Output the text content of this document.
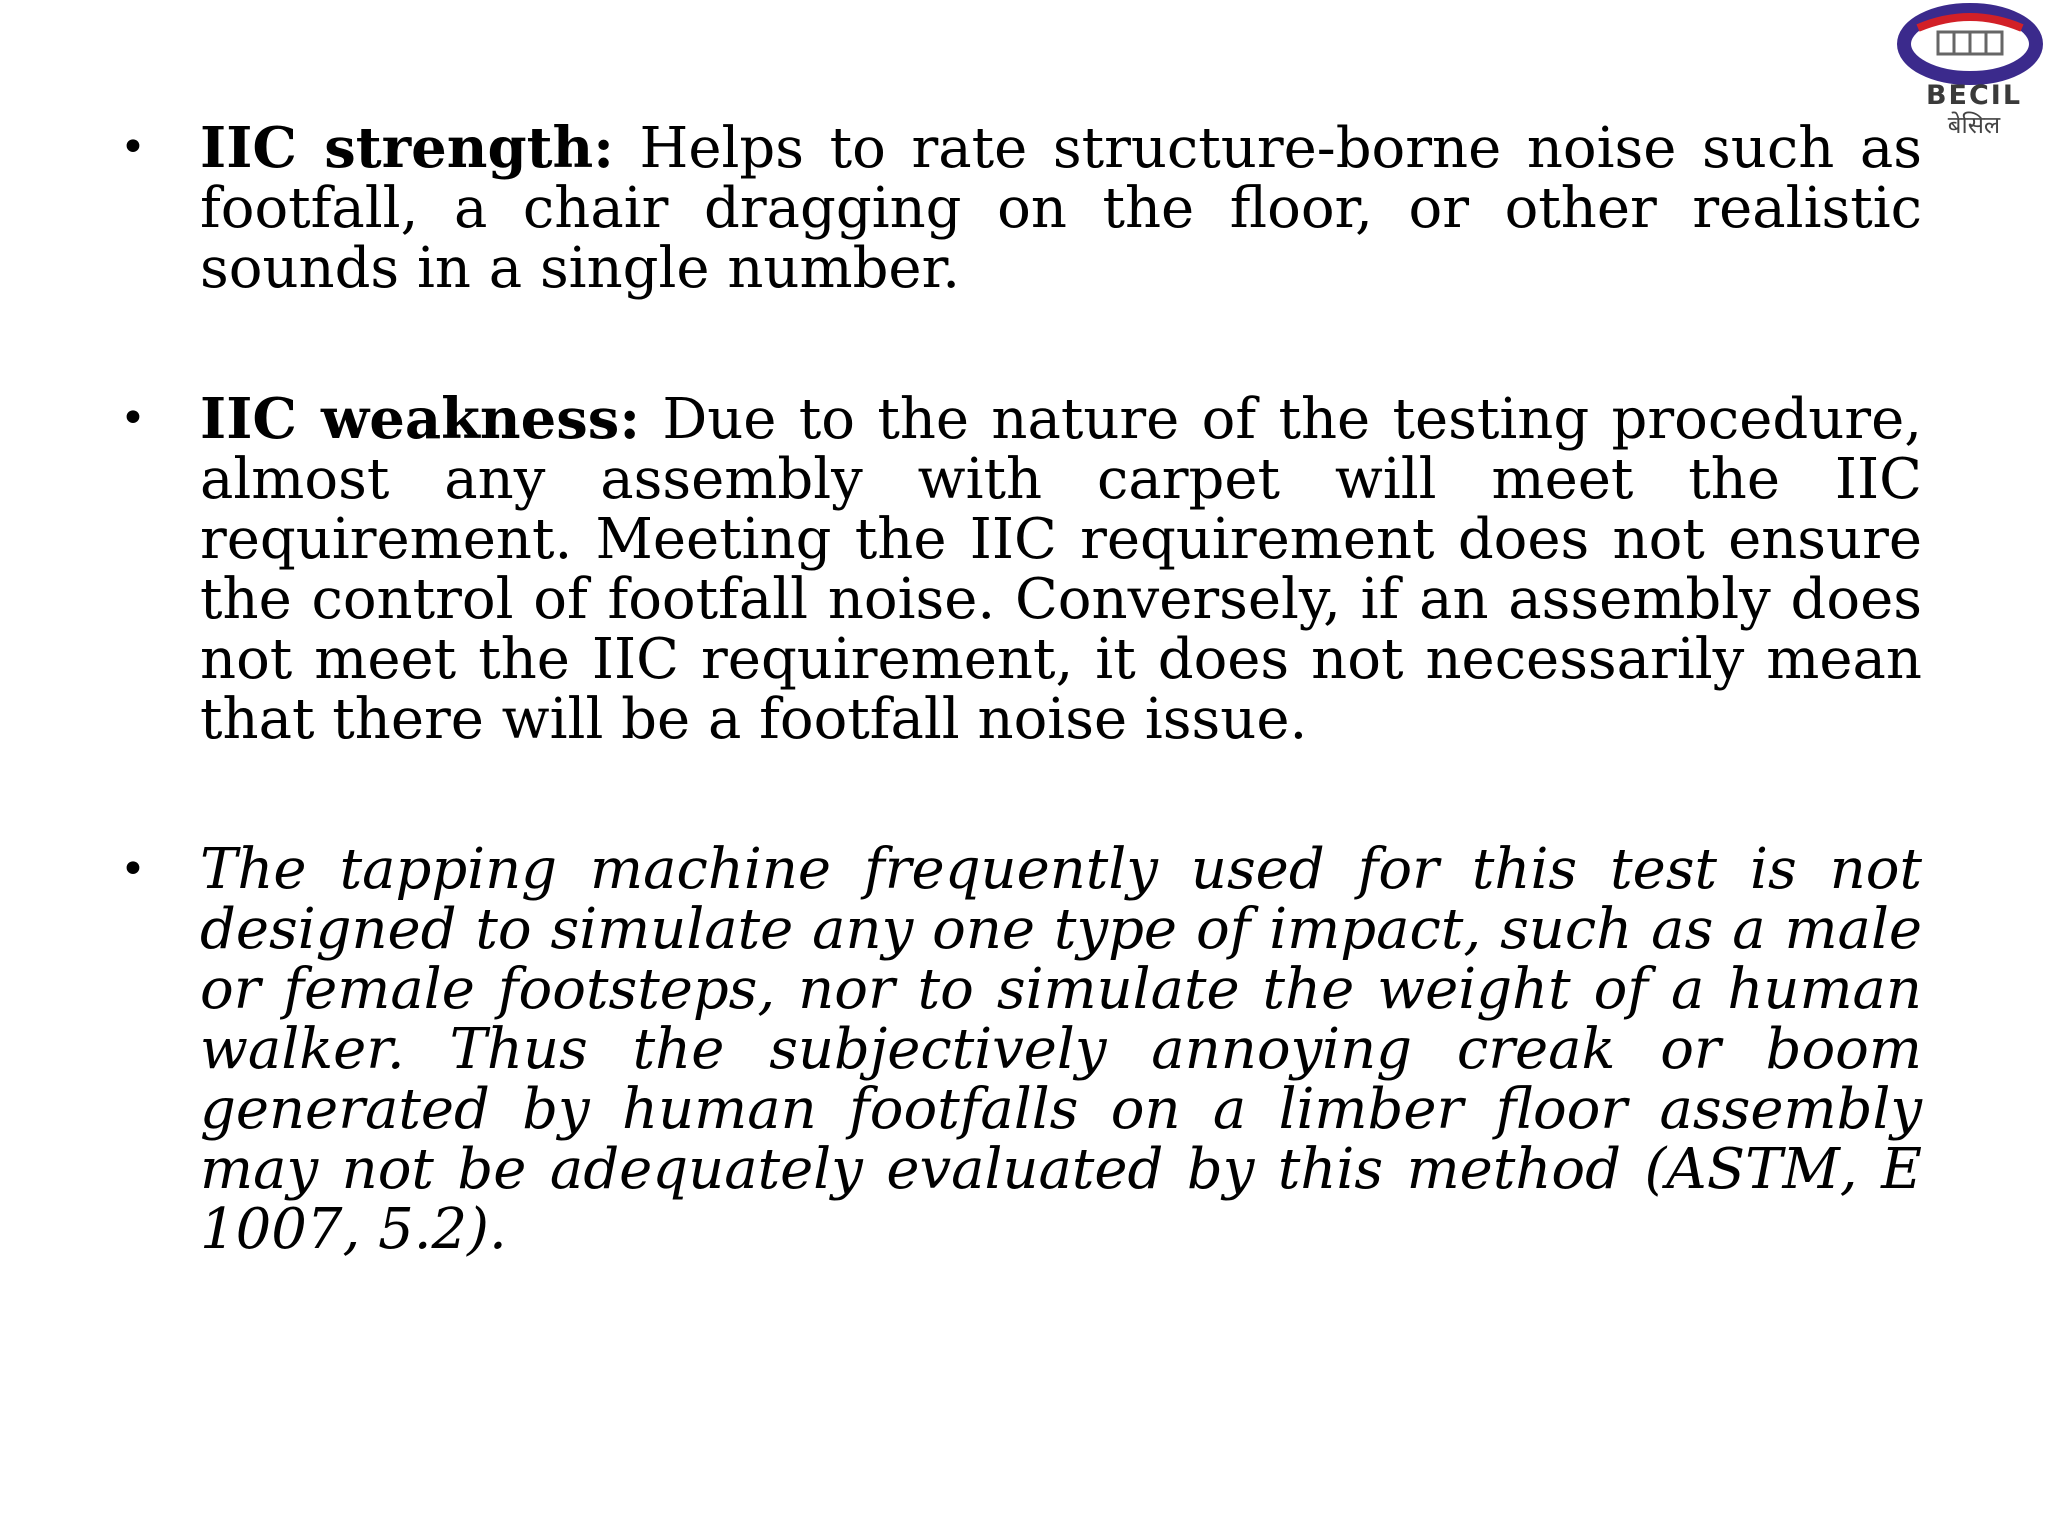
BECIL
बेसिल
• IIC strength: Helps to rate structure-borne noise such as footfall, a chair dragging on the floor, or other realistic sounds in a single number.
• IIC weakness: Due to the nature of the testing procedure, almost any assembly with carpet will meet the IIC requirement. Meeting the IIC requirement does not ensure the control of footfall noise. Conversely, if an assembly does not meet the IIC requirement, it does not necessarily mean that there will be a footfall noise issue.
• The tapping machine frequently used for this test is not designed to simulate any one type of impact, such as a male or female footsteps, nor to simulate the weight of a human walker. Thus the subjectively annoying creak or boom generated by human footfalls on a limber floor assembly may not be adequately evaluated by this method (ASTM, E 1007, 5.2).
